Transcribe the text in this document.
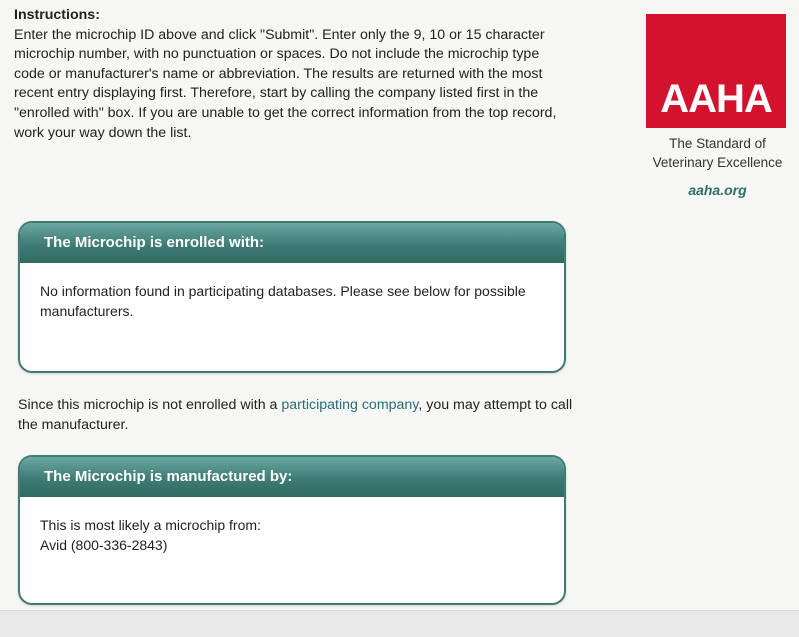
Instructions:

Enter the microchip ID above and click "Submit". Enter only the 9, 10 or 15 character microchip number, with no punctuation or spaces. Do not include the microchip type code or manufacturer's name or abbreviation. The results are returned with the most recent entry displaying first. Therefore, start by calling the company listed first in the "enrolled with" box. If you are unable to get the correct information from the top record, work your way down the list.

AAHA
The Standard of
Veterinary Excellence
aaha.org
The Microchip is enrolled with:
No information found in participating databases. Please see below for possible manufacturers.
Since this microchip is not enrolled with a participating company, you may attempt to call the manufacturer.
The Microchip is manufactured by:
This is most likely a microchip from:
Avid (800-336-2843)
